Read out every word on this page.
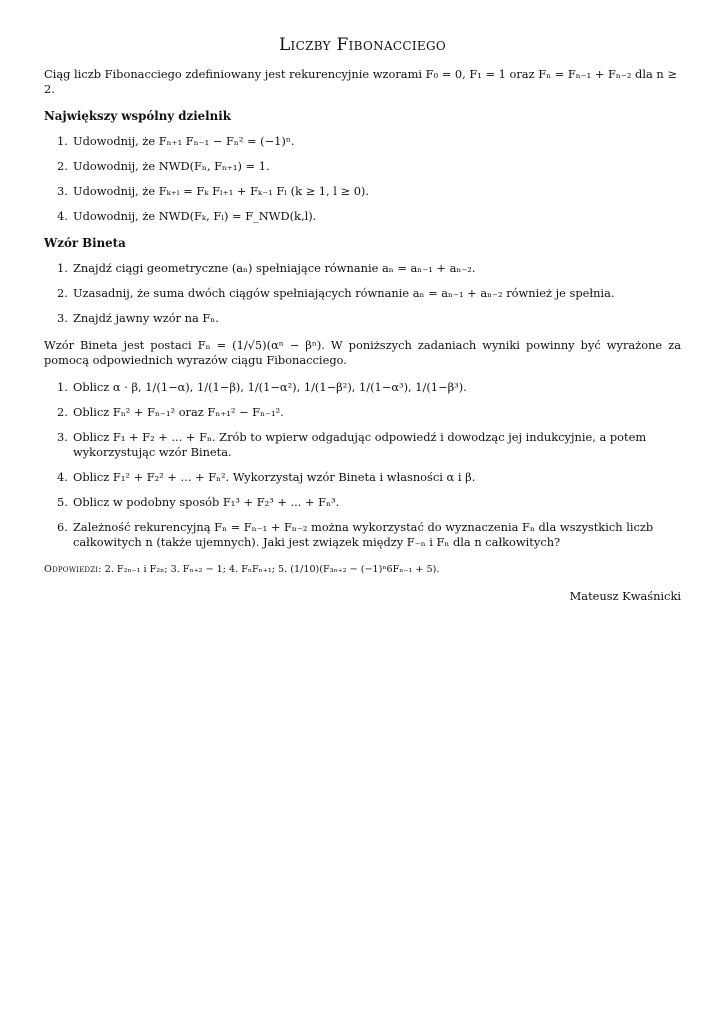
Liczby Fibonacciego

Ciąg liczb Fibonacciego zdefiniowany jest rekurencyjnie wzorami F₀ = 0, F₁ = 1 oraz Fₙ = Fₙ₋₁ + Fₙ₋₂ dla n ≥ 2.

Największy wspólny dzielnik
1. Udowodnij, że Fₙ₊₁ Fₙ₋₁ − Fₙ² = (−1)ⁿ.
2. Udowodnij, że NWD(Fₙ, Fₙ₊₁) = 1.
3. Udowodnij, że Fₖ₊ₗ = Fₖ Fₗ₊₁ + Fₖ₋₁ Fₗ (k ≥ 1, l ≥ 0).
4. Udowodnij, że NWD(Fₖ, Fₗ) = F_NWD(k,l).
Wzór Bineta
1. Znajdź ciągi geometryczne (aₙ) spełniające równanie aₙ = aₙ₋₁ + aₙ₋₂.
2. Uzasadnij, że suma dwóch ciągów spełniających równanie aₙ = aₙ₋₁ + aₙ₋₂ również je spełnia.
3. Znajdź jawny wzór na Fₙ.

Wzór Bineta jest postaci Fₙ = (1/√5)(αⁿ − βⁿ). W poniższych zadaniach wyniki powinny być wyrażone za pomocą odpowiednich wyrazów ciągu Fibonacciego.

1. Oblicz α · β, 1/(1−α), 1/(1−β), 1/(1−α²), 1/(1−β²), 1/(1−α³), 1/(1−β³).
2. Oblicz Fₙ² + Fₙ₋₁² oraz Fₙ₊₁² − Fₙ₋₁².
3. Oblicz F₁ + F₂ + ... + Fₙ. Zrób to wpierw odgadując odpowiedź i dowodząc jej indukcyjnie, a potem wykorzystując wzór Bineta.
4. Oblicz F₁² + F₂² + ... + Fₙ². Wykorzystaj wzór Bineta i własności α i β.
5. Oblicz w podobny sposób F₁³ + F₂³ + ... + Fₙ³.
6. Zależność rekurencyjną Fₙ = Fₙ₋₁ + Fₙ₋₂ można wykorzystać do wyznaczenia Fₙ dla wszystkich liczb całkowitych n (także ujemnych). Jaki jest związek między F₋ₙ i Fₙ dla n całkowitych?

Odpowiedzi: 2. F₂ₙ₋₁ i F₂ₙ; 3. Fₙ₊₂ − 1; 4. FₙFₙ₊₁; 5. (1/10)(F₃ₙ₊₂ − (−1)ⁿ6Fₙ₋₁ + 5).

Mateusz Kwaśnicki
